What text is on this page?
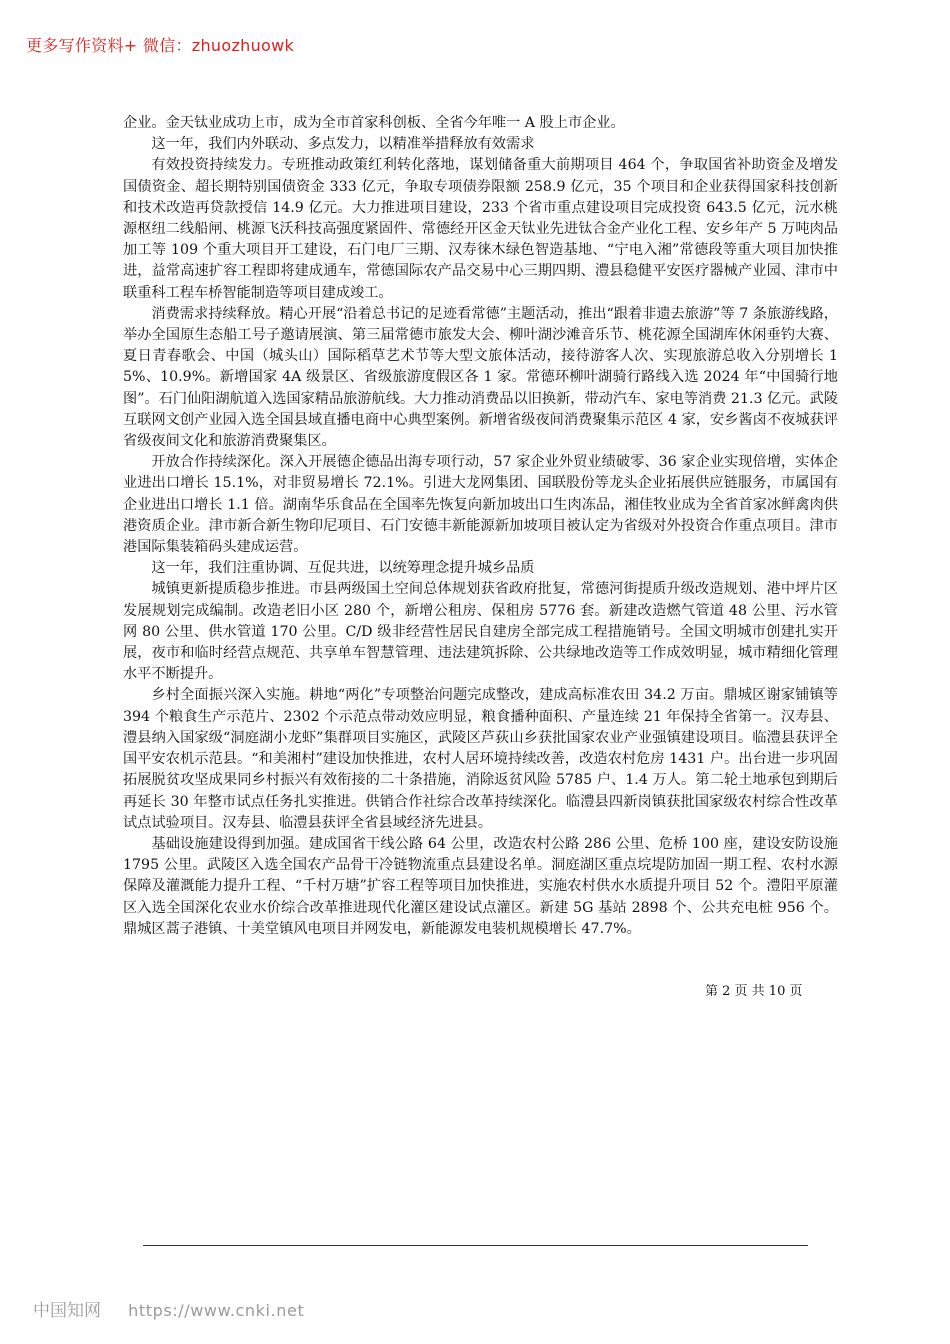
更多写作资料+ 微信：zhuozhuowk

企业。金天钛业成功上市，成为全市首家科创板、全省今年唯一 A 股上市企业。

这一年，我们内外联动、多点发力，以精准举措释放有效需求

有效投资持续发力。专班推动政策红利转化落地，谋划储备重大前期项目 464 个，争取国省补助资金及增发国债资金、超长期特别国债资金 333 亿元，争取专项债券限额 258.9 亿元，35 个项目和企业获得国家科技创新和技术改造再贷款授信 14.9 亿元。大力推进项目建设，233 个省市重点建设项目完成投资 643.5 亿元，沅水桃源枢纽二线船闸、桃源飞沃科技高强度紧固件、常德经开区金天钛业先进钛合金产业化工程、安乡年产 5 万吨肉品加工等 109 个重大项目开工建设，石门电厂三期、汉寿徕木绿色智造基地、“宁电入湘”常德段等重大项目加快推进，益常高速扩容工程即将建成通车，常德国际农产品交易中心三期四期、澧县稳健平安医疗器械产业园、津市中联重科工程车桥智能制造等项目建成竣工。

消费需求持续释放。精心开展“沿着总书记的足迹看常德”主题活动，推出“跟着非遗去旅游”等 7 条旅游线路，举办全国原生态船工号子邀请展演、第三届常德市旅发大会、柳叶湖沙滩音乐节、桃花源全国湖库休闲垂钓大赛、夏日青春歌会、中国（城头山）国际稻草艺术节等大型文旅体活动，接待游客人次、实现旅游总收入分别增长 15%、10.9%。新增国家 4A 级景区、省级旅游度假区各 1 家。常德环柳叶湖骑行路线入选 2024 年“中国骑行地图”。石门仙阳湖航道入选国家精品旅游航线。大力推动消费品以旧换新，带动汽车、家电等消费 21.3 亿元。武陵互联网文创产业园入选全国县域直播电商中心典型案例。新增省级夜间消费聚集示范区 4 家，安乡酱卤不夜城获评省级夜间文化和旅游消费聚集区。

开放合作持续深化。深入开展德企德品出海专项行动，57 家企业外贸业绩破零、36 家企业实现倍增，实体企业进出口增长 15.1%，对非贸易增长 72.1%。引进大龙网集团、国联股份等龙头企业拓展供应链服务，市属国有企业进出口增长 1.1 倍。湖南华乐食品在全国率先恢复向新加坡出口生肉冻品，湘佳牧业成为全省首家冰鲜禽肉供港资质企业。津市新合新生物印尼项目、石门安德丰新能源新加坡项目被认定为省级对外投资合作重点项目。津市港国际集装箱码头建成运营。

这一年，我们注重协调、互促共进，以统筹理念提升城乡品质

城镇更新提质稳步推进。市县两级国土空间总体规划获省政府批复，常德河街提质升级改造规划、港中坪片区发展规划完成编制。改造老旧小区 280 个，新增公租房、保租房 5776 套。新建改造燃气管道 48 公里、污水管网 80 公里、供水管道 170 公里。C/D 级非经营性居民自建房全部完成工程措施销号。全国文明城市创建扎实开展，夜市和临时经营点规范、共享单车智慧管理、违法建筑拆除、公共绿地改造等工作成效明显，城市精细化管理水平不断提升。

乡村全面振兴深入实施。耕地“两化”专项整治问题完成整改，建成高标准农田 34.2 万亩。鼎城区谢家铺镇等 394 个粮食生产示范片、2302 个示范点带动效应明显，粮食播种面积、产量连续 21 年保持全省第一。汉寿县、澧县纳入国家级“洞庭湖小龙虾”集群项目实施区，武陵区芦荻山乡获批国家农业产业强镇建设项目。临澧县获评全国平安农机示范县。“和美湘村”建设加快推进，农村人居环境持续改善，改造农村危房 1431 户。出台进一步巩固拓展脱贫攻坚成果同乡村振兴有效衔接的二十条措施，消除返贫风险 5785 户、1.4 万人。第二轮土地承包到期后再延长 30 年整市试点任务扎实推进。供销合作社综合改革持续深化。临澧县四新岗镇获批国家级农村综合性改革试点试验项目。汉寿县、临澧县获评全省县域经济先进县。

基础设施建设得到加强。建成国省干线公路 64 公里，改造农村公路 286 公里、危桥 100 座，建设安防设施 1795 公里。武陵区入选全国农产品骨干冷链物流重点县建设名单。洞庭湖区重点垸堤防加固一期工程、农村水源保障及灌溉能力提升工程、“千村万塘”扩容工程等项目加快推进，实施农村供水水质提升项目 52 个。澧阳平原灌区入选全国深化农业水价综合改革推进现代化灌区建设试点灌区。新建 5G 基站 2898 个、公共充电桩 956 个。鼎城区蒿子港镇、十美堂镇风电项目并网发电，新能源发电装机规模增长 47.7%。

第 2 页 共 10 页
中国知网 https://www.cnki.net
